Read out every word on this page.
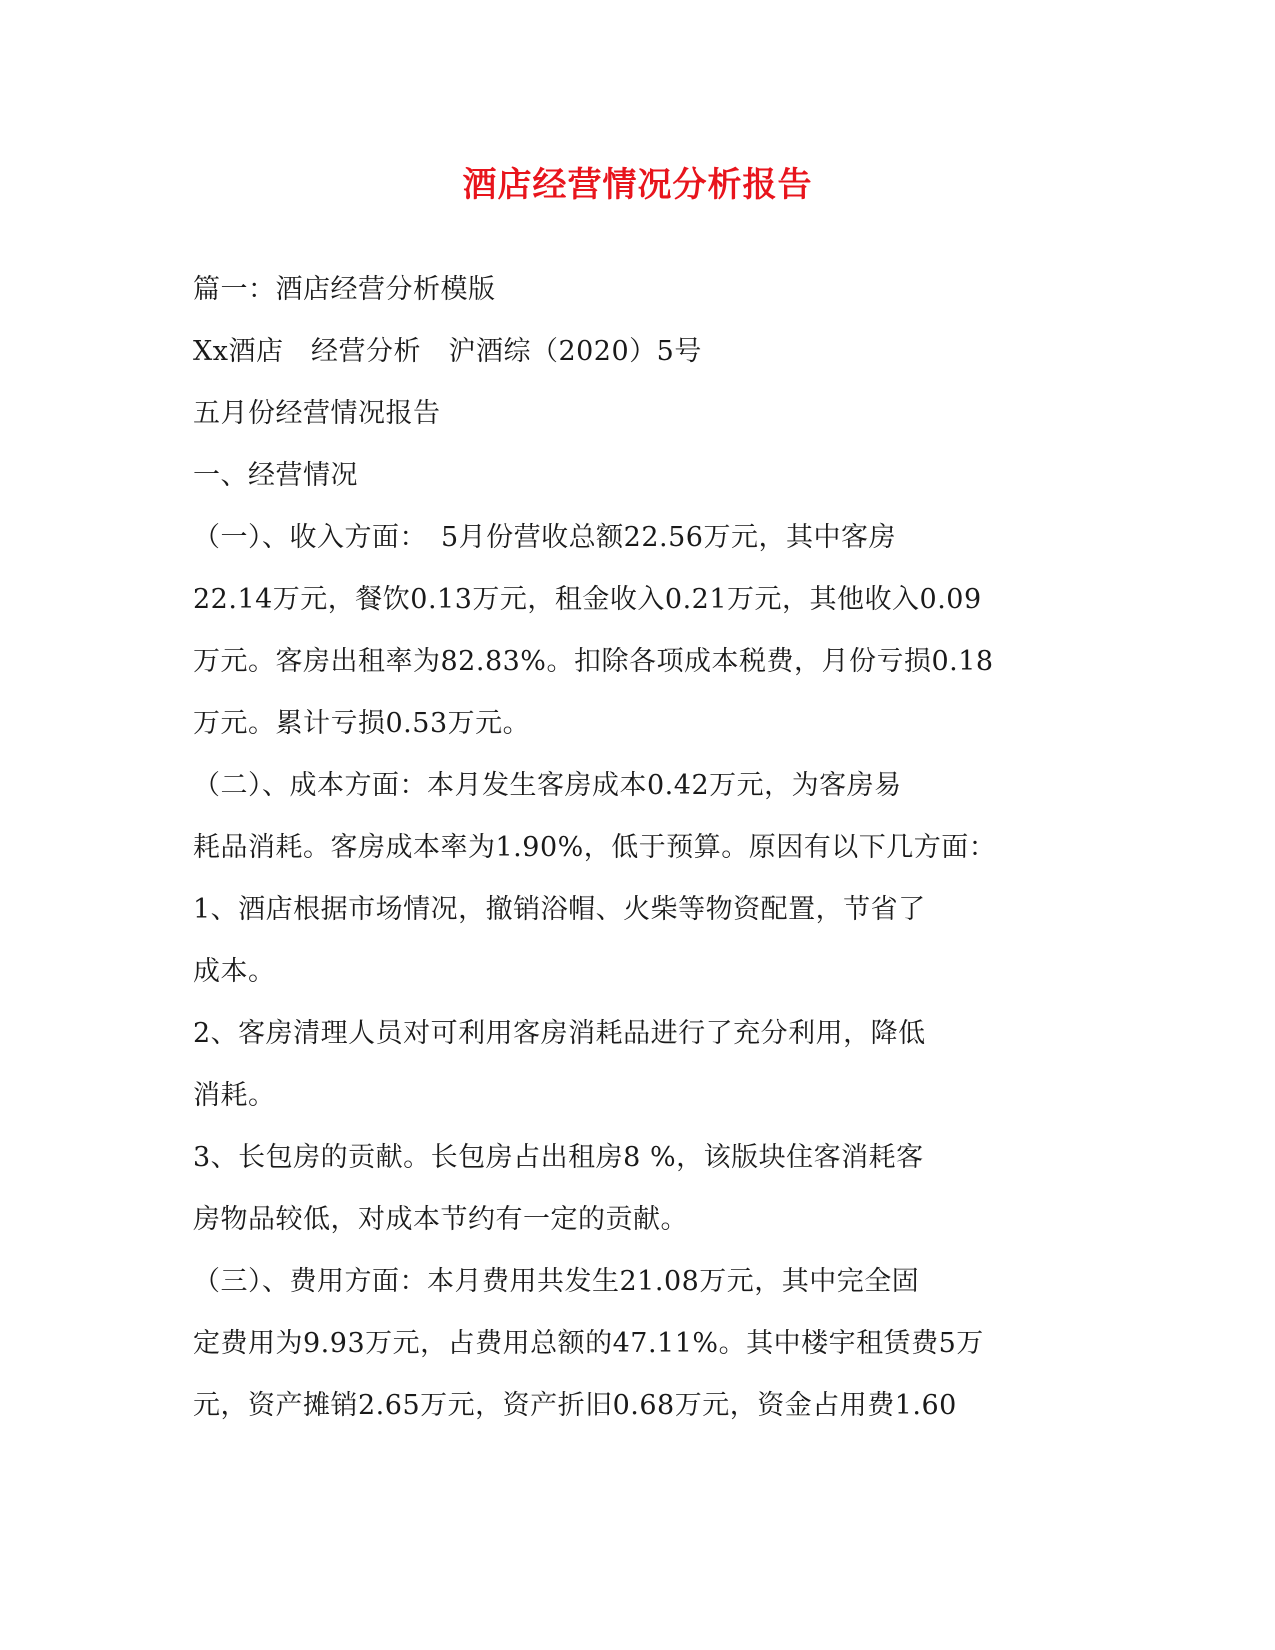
酒店经营情况分析报告
篇一：酒店经营分析模版
Xx酒店　经营分析　沪酒综（2020）5号
五月份经营情况报告
一、经营情况
（一）、收入方面：　5月份营收总额22.56万元，其中客房
22.14万元，餐饮0.13万元，租金收入0.21万元，其他收入0.09
万元。客房出租率为82.83%。扣除各项成本税费，月份亏损0.18
万元。累计亏损0.53万元。
（二）、成本方面：本月发生客房成本0.42万元，为客房易
耗品消耗。客房成本率为1.90%，低于预算。原因有以下几方面：
1、酒店根据市场情况，撤销浴帽、火柴等物资配置，节省了
成本。
2、客房清理人员对可利用客房消耗品进行了充分利用，降低
消耗。
3、长包房的贡献。长包房占出租房8 %，该版块住客消耗客
房物品较低，对成本节约有一定的贡献。
（三）、费用方面：本月费用共发生21.08万元，其中完全固
定费用为9.93万元，占费用总额的47.11%。其中楼宇租赁费5万
元，资产摊销2.65万元，资产折旧0.68万元，资金占用费1.60
